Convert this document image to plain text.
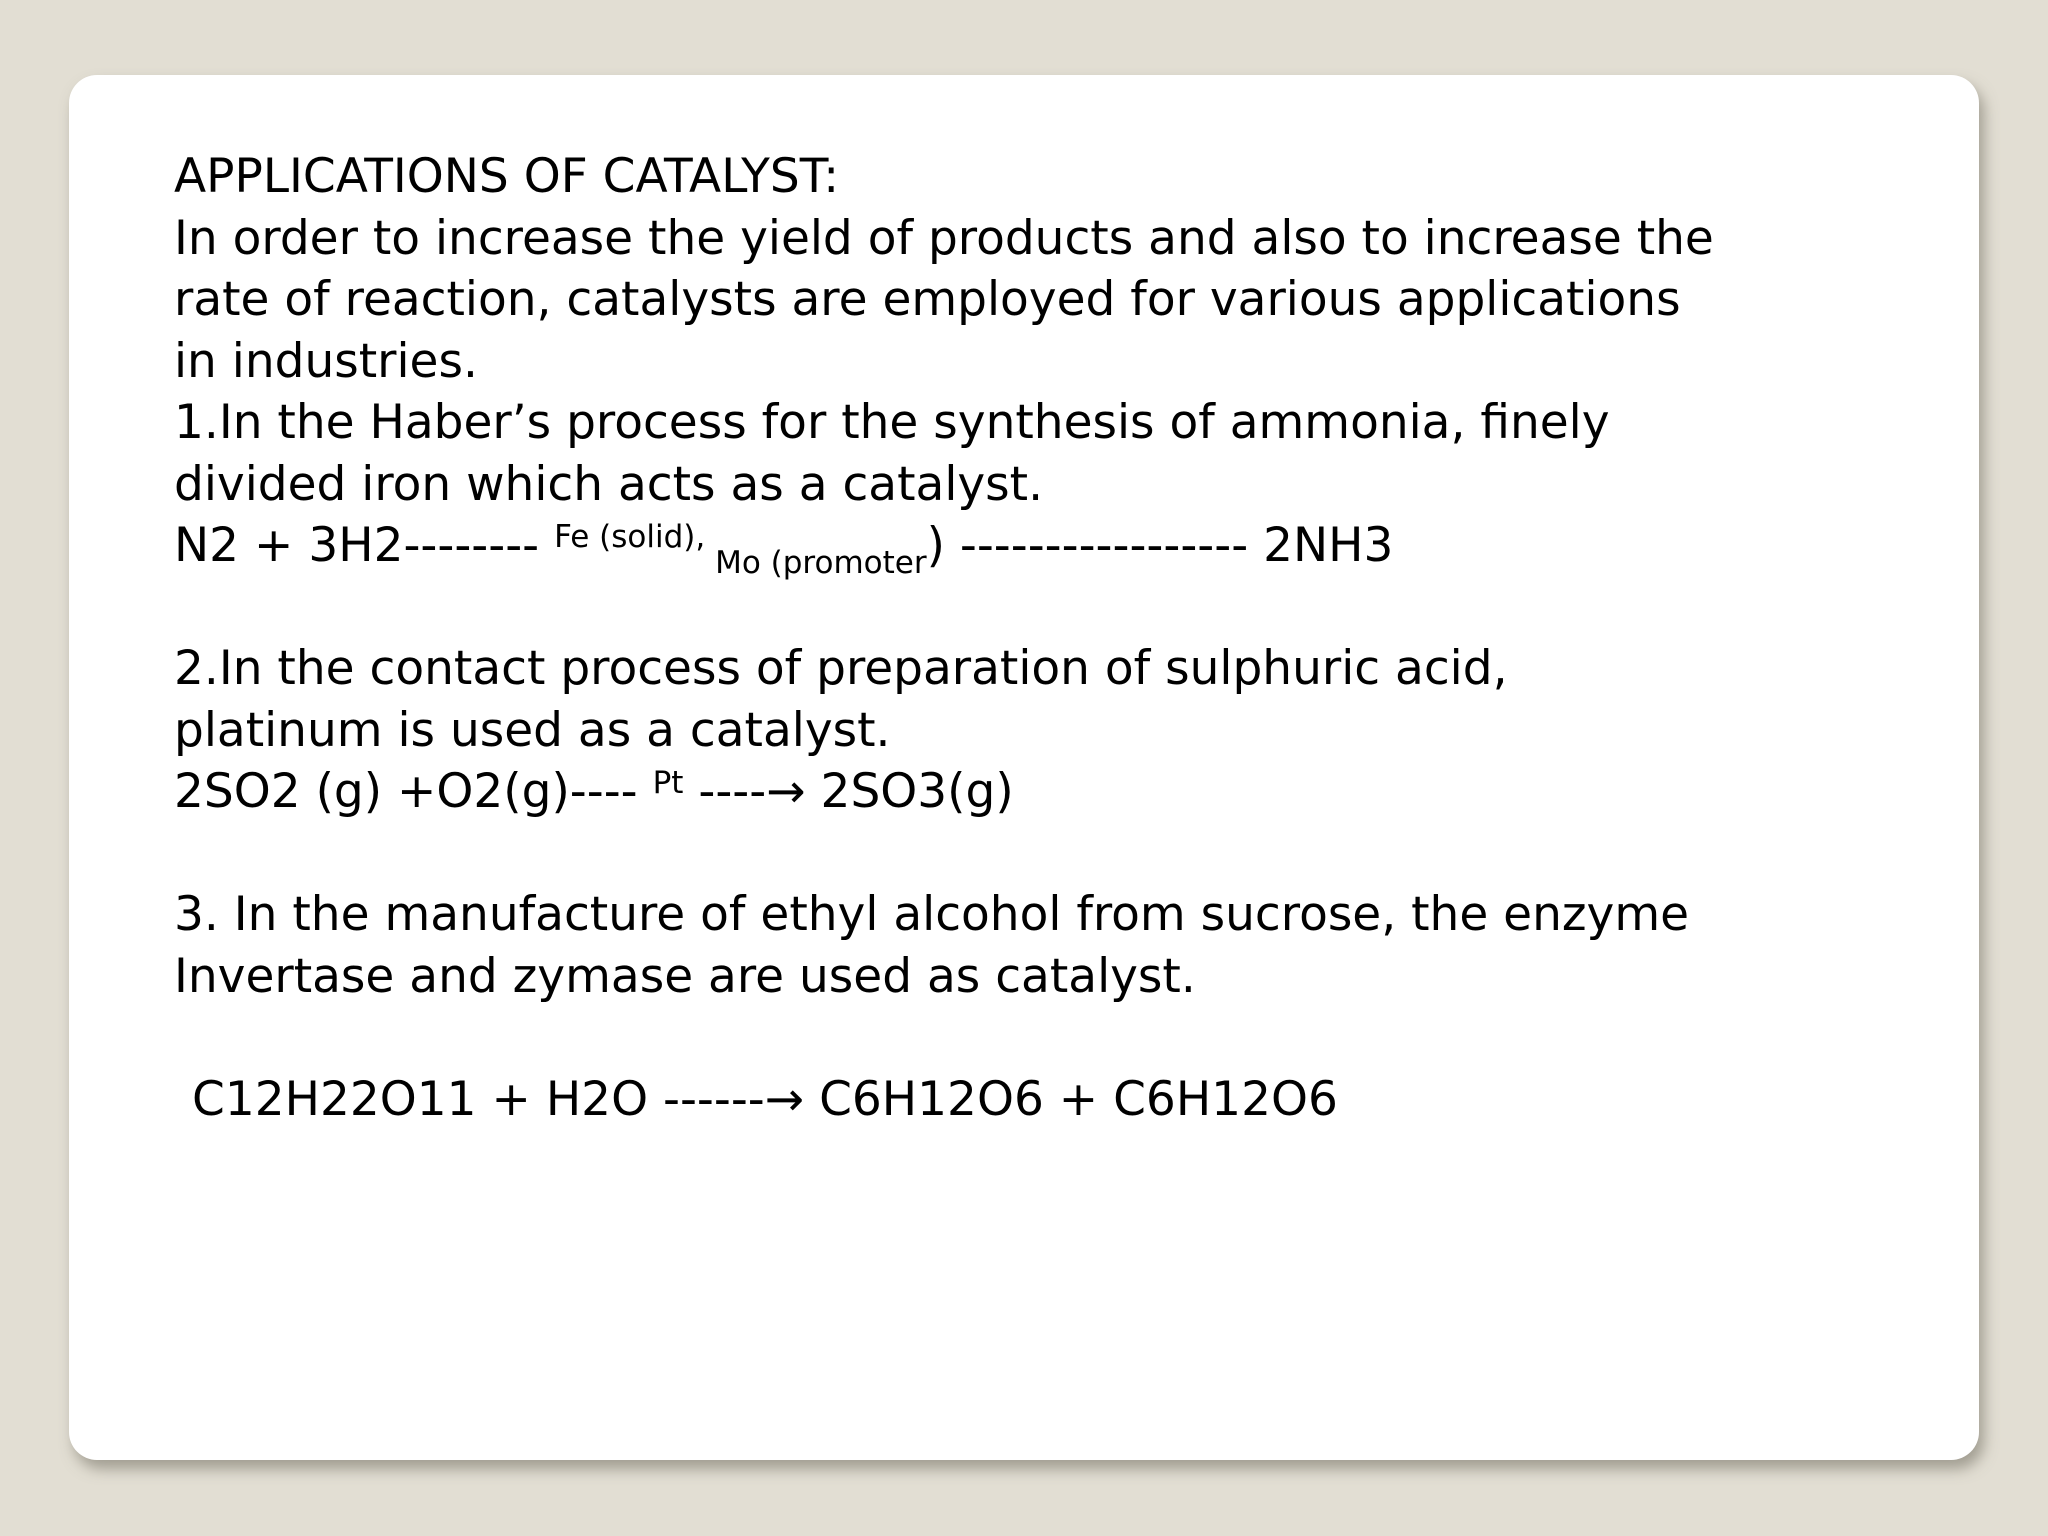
APPLICATIONS OF CATALYST:
In order to increase the yield of products and also to increase the
rate of reaction, catalysts are employed for various applications
in industries.
1.In the Haber’s process for the synthesis of ammonia, finely
divided iron which acts as a catalyst.
N2 + 3H2-------- $^{Fe (solid),}$ $_{Mo (promoter}$) ----------------- 2NH3
2.In the contact process of preparation of sulphuric acid,
platinum is used as a catalyst.
2SO2 (g) +O2(g)---- $^{Pt}$ ----→ 2SO3(g)
3. In the manufacture of ethyl alcohol from sucrose, the enzyme
Invertase and zymase are used as catalyst.
C12H22O11 + H2O ------→ C6H12O6 + C6H12O6
